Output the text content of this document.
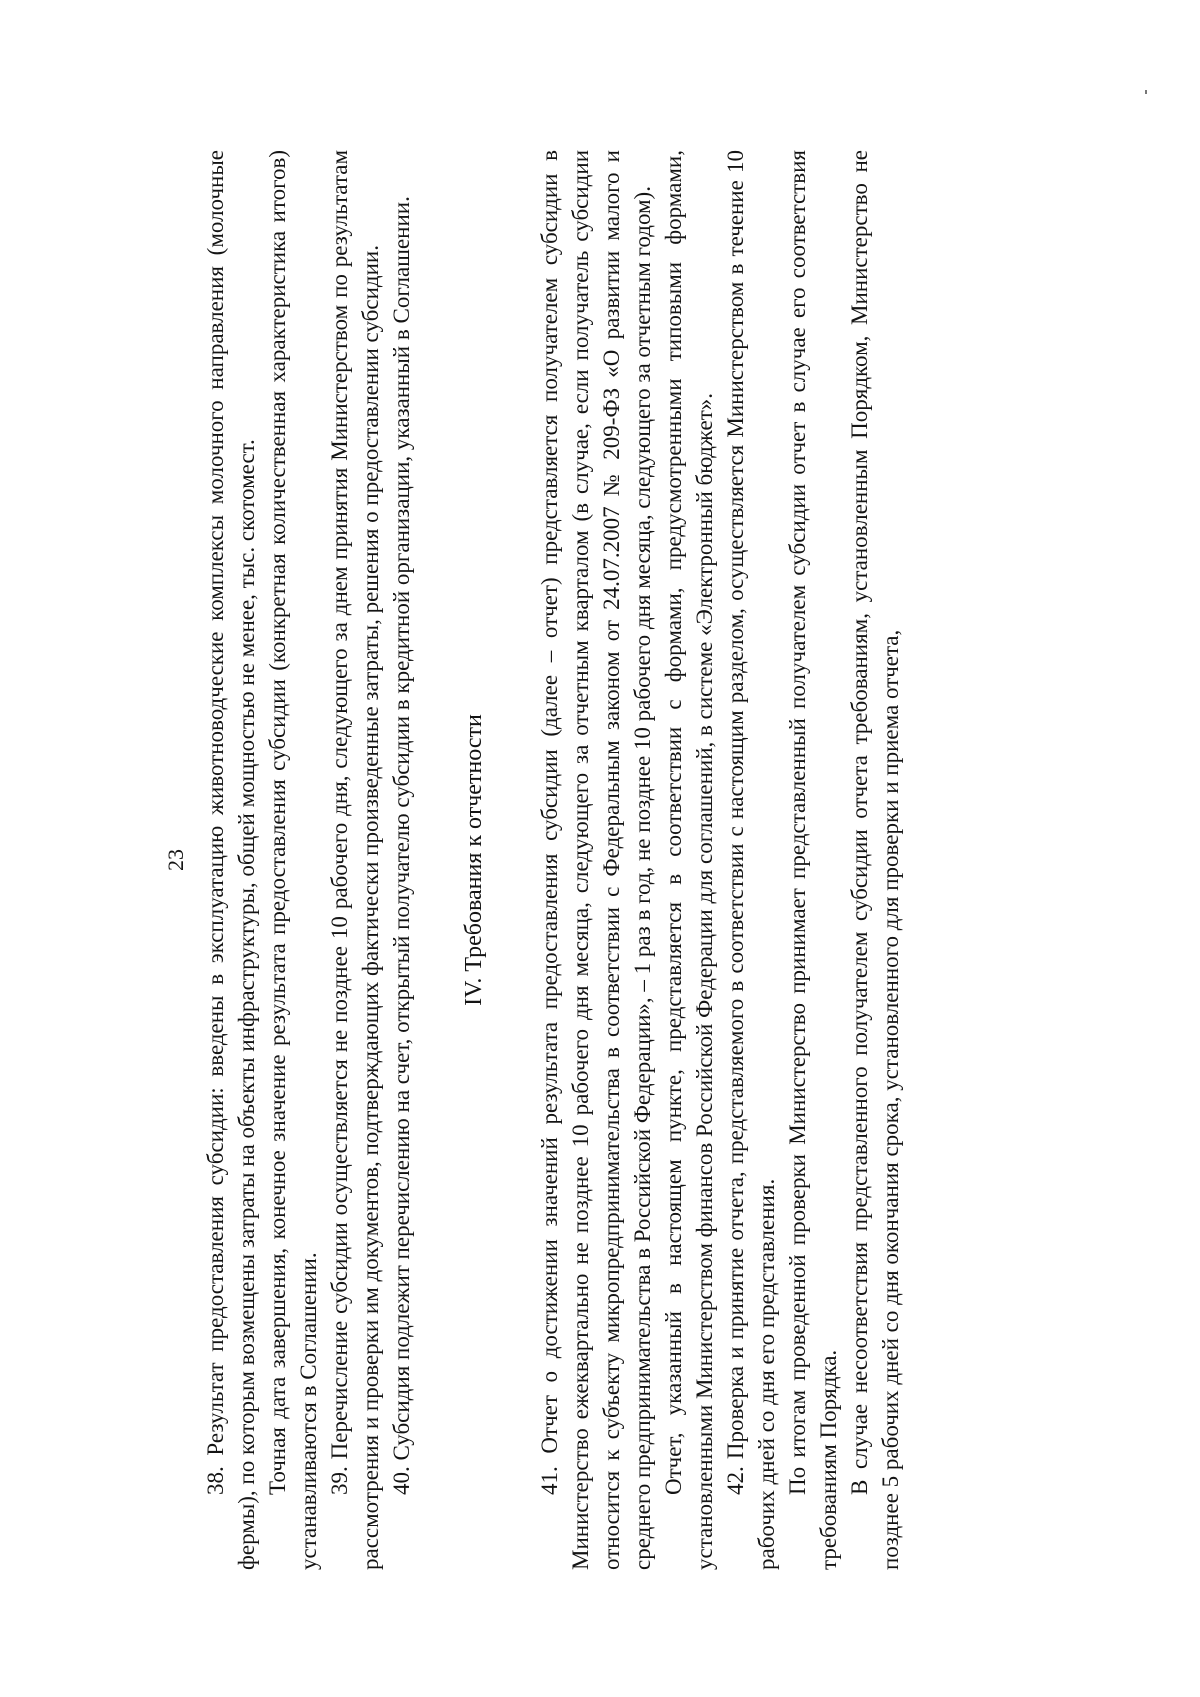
23 38. Результат предоставления субсидии: введены в эксплуатацию животноводческие комплексы молочного направления (молочные фермы), по которым возмещены затраты на объекты инфраструктуры, общей мощностью не менее, тыс. скотомест. Точная дата завершения, конечное значение результата предоставления субсидии (конкретная количественная характеристика итогов) устанавливаются в Соглашении. 39. Перечисление субсидии осуществляется не позднее 10 рабочего дня, следующего за днем принятия Министерством по результатам рассмотрения и проверки им документов, подтверждающих фактически произведенные затраты, решения о предоставлении субсидии. 40. Субсидия подлежит перечислению на счет, открытый получателю субсидии в кредитной организации, указанный в Соглашении. IV. Требования к отчетности 41. Отчет о достижении значений результата предоставления субсидии (далее – отчет) представляется получателем субсидии в Министерство ежеквартально не позднее 10 рабочего дня месяца, следующего за отчетным кварталом (в случае, если получатель субсидии относится к субъекту микропредпринимательства в соответствии с Федеральным законом от 24.07.2007 № 209-ФЗ «О развитии малого и среднего предпринимательства в Российской Федерации», – 1 раз в год, не позднее 10 рабочего дня месяца, следующего за отчетным годом). Отчет, указанный в настоящем пункте, представляется в соответствии с формами, предусмотренными типовыми формами, установленными Министерством финансов Российской Федерации для соглашений, в системе «Электронный бюджет». 42. Проверка и принятие отчета, представляемого в соответствии с настоящим разделом, осуществляется Министерством в течение 10 рабочих дней со дня его представления. По итогам проведенной проверки Министерство принимает представленный получателем субсидии отчет в случае его соответствия требованиям Порядка. В случае несоответствия представленного получателем субсидии отчета требованиям, установленным Порядком, Министерство не позднее 5 рабочих дней со дня окончания срока, установленного для проверки и приема отчета,
